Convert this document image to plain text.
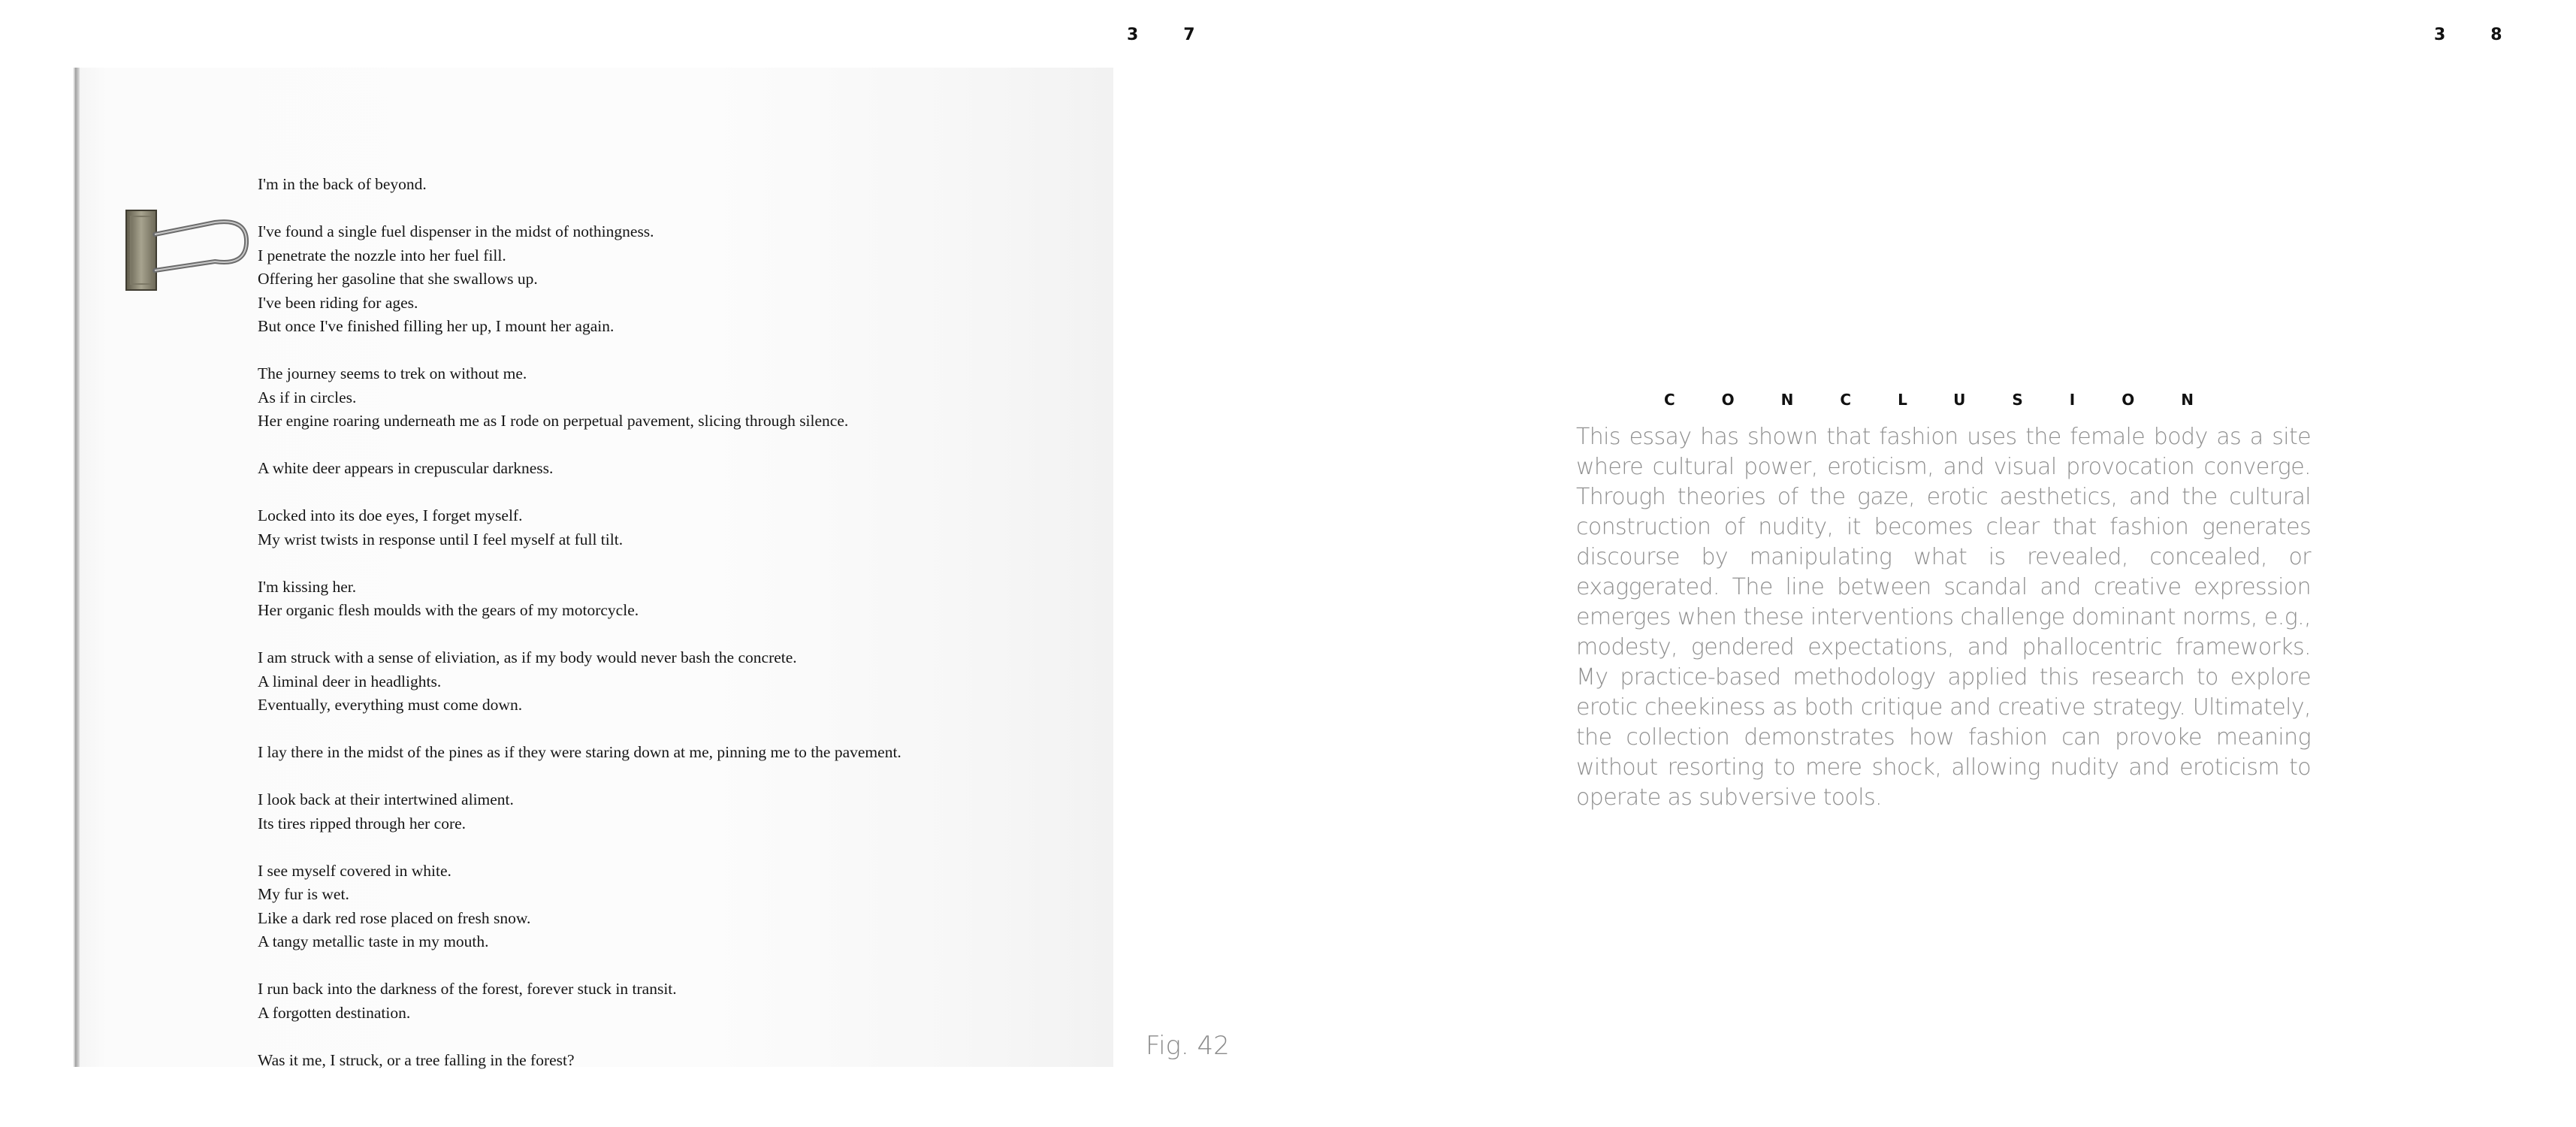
37	38
I'm in the back of beyond.
I've found a single fuel dispenser in the midst of nothingness.
I penetrate the nozzle into her fuel fill.
Offering her gasoline that she swallows up.
I've been riding for ages.
But once I've finished filling her up, I mount her again.
The journey seems to trek on without me.
As if in circles.
Her engine roaring underneath me as I rode on perpetual pavement, slicing through silence.
A white deer appears in crepuscular darkness.
Locked into its doe eyes, I forget myself.
My wrist twists in response until I feel myself at full tilt.
I'm kissing her.
Her organic flesh moulds with the gears of my motorcycle.
I am struck with a sense of eliviation, as if my body would never bash the concrete.
A liminal deer in headlights.
Eventually, everything must come down.
I lay there in the midst of the pines as if they were staring down at me, pinning me to the pavement.
I look back at their intertwined aliment.
Its tires ripped through her core.
I see myself covered in white.
My fur is wet.
Like a dark red rose placed on fresh snow.
A tangy metallic taste in my mouth.
I run back into the darkness of the forest, forever stuck in transit.
A forgotten destination.
Was it me, I struck, or a tree falling in the forest?	Fig. 42
CONCLUSION

This essay has shown that fashion uses the female body as a site where cultural power, eroticism, and visual provocation converge. Through theories of the gaze, erotic aesthetics, and the cultural construction of nudity, it becomes clear that fashion generates discourse by manipulating what is revealed, concealed, or exaggerated. The line between scandal and creative expression emerges when these interventions challenge dominant norms, e.g., modesty, gendered expectations, and phallocentric frameworks. My practice-based methodology applied this research to explore erotic cheekiness as both critique and creative strategy. Ultimately, the collection demonstrates how fashion can provoke meaning without resorting to mere shock, allowing nudity and eroticism to operate as subversive tools.
